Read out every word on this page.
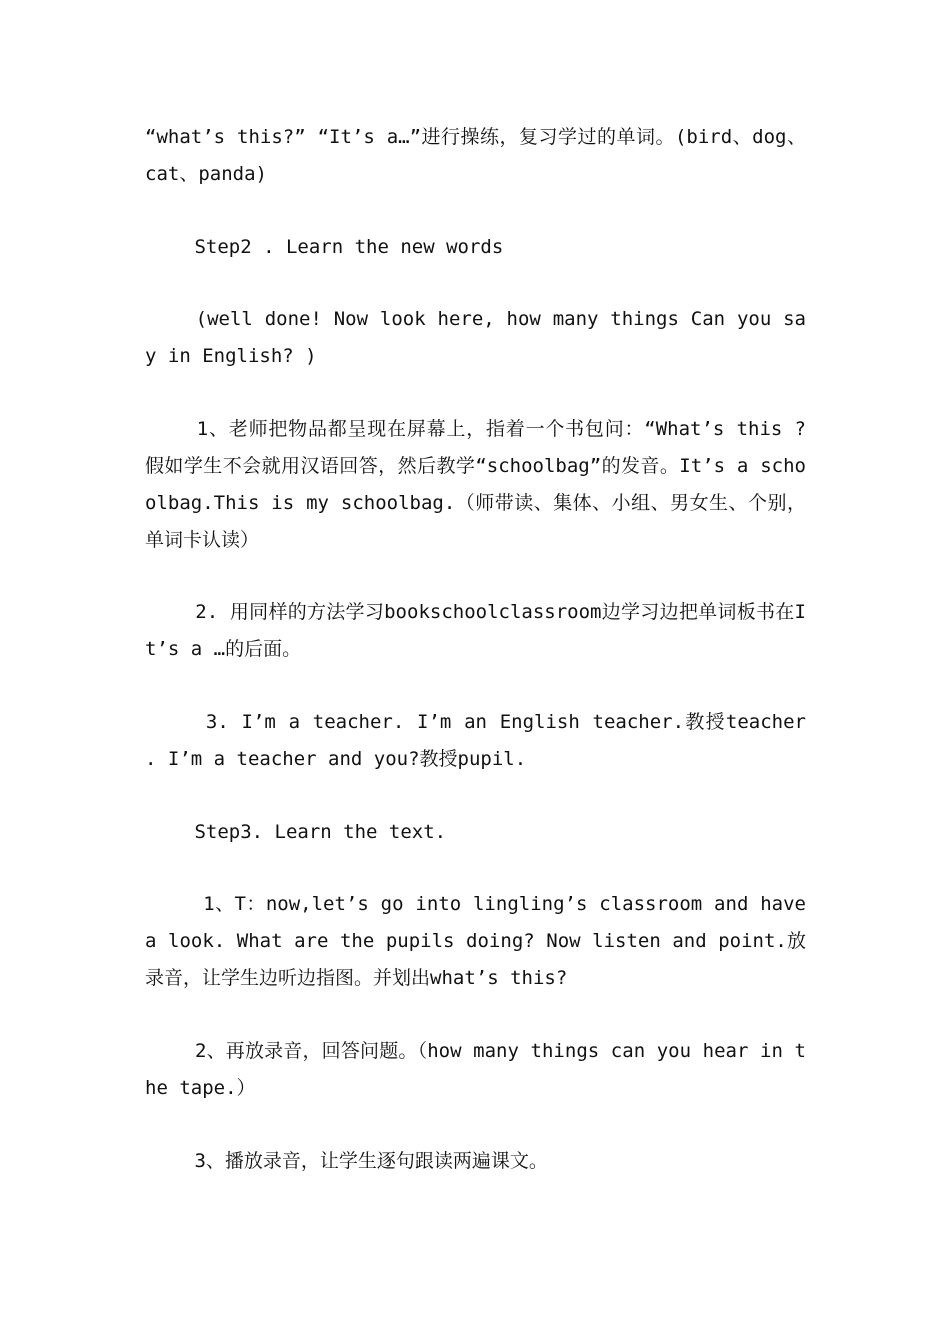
“what’s this?” “It’s a…”进行操练，复习学过的单词。(bird、dog、cat、panda)

　　 Step2 . Learn the new words

　　 (well done! Now look here, how many things Can you say in English? )

　　 1、老师把物品都呈现在屏幕上，指着一个书包问：“What’s this ? 假如学生不会就用汉语回答，然后教学“schoolbag”的发音。It’s a schoolbag.This is my schoolbag.（师带读、集体、小组、男女生、个别，单词卡认读）

　　 2. 用同样的方法学习bookschoolclassroom边学习边把单词板书在It’s a …的后面。

　　　3. I’m a teacher. I’m an English teacher.教授teacher . I’m a teacher and you?教授pupil.

　　 Step3. Learn the text.

　　　1、T：now,let’s go into lingling’s classroom and have a look. What are the pupils doing? Now listen and point.放录音，让学生边听边指图。并划出what’s this?

　　 2、再放录音，回答问题。（how many things can you hear in the tape.）

　　 3、播放录音，让学生逐句跟读两遍课文。
